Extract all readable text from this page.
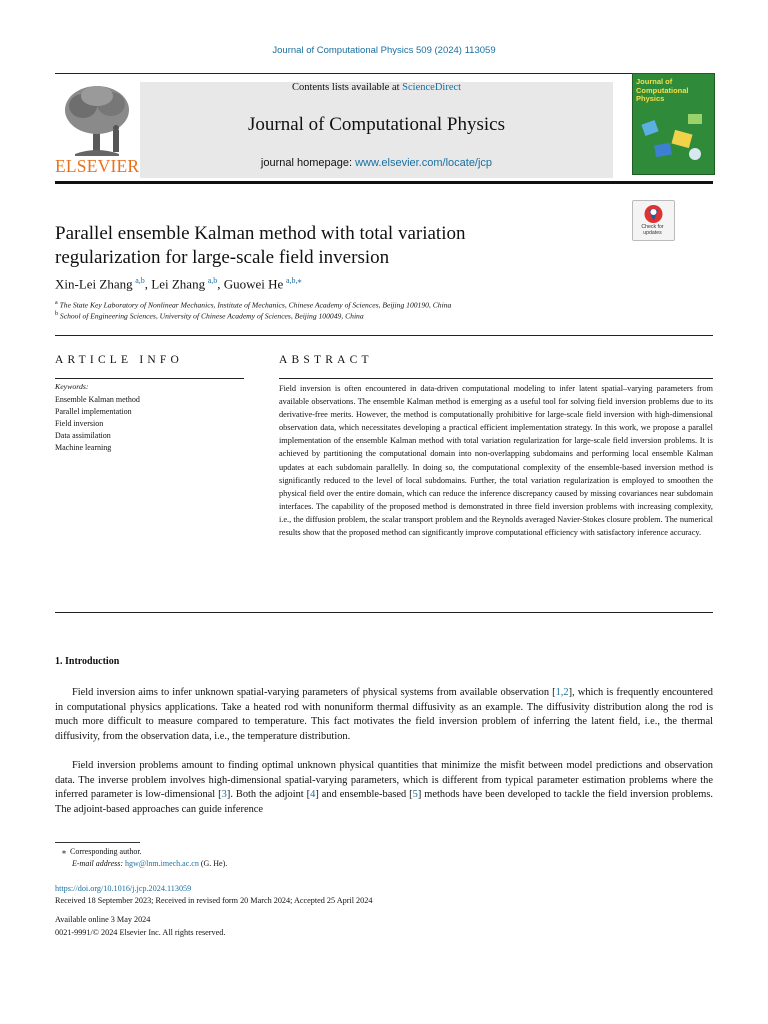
Journal of Computational Physics 509 (2024) 113059
ELSEVIER
Contents lists available at ScienceDirect
Journal of Computational Physics
journal homepage: www.elsevier.com/locate/jcp
Journal of Computational Physics
Check for updates
Parallel ensemble Kalman method with total variation
regularization for large-scale field inversion
Xin-Lei Zhang  $^{a,b}$, Lei Zhang  $^{a,b}$, Guowei He  $^{a,b,⁎}$
$^a$ The State Key Laboratory of Nonlinear Mechanics, Institute of Mechanics, Chinese Academy of Sciences, Beijing 100190, China
$^b$ School of Engineering Sciences, University of Chinese Academy of Sciences, Beijing 100049, China
ARTICLE INFO
Keywords:
Ensemble Kalman method
Parallel implementation
Field inversion
Data assimilation
Machine learning
ABSTRACT
Field inversion is often encountered in data-driven computational modeling to infer latent spatial–varying parameters from available observations. The ensemble Kalman method is emerging as a useful tool for solving field inversion problems due to its derivative-free merits. However, the method is computationally prohibitive for large-scale field inversion with high-dimensional observation data, which necessitates developing a practical efficient implementation strategy. In this work, we propose a parallel implementation of the ensemble Kalman method with total variation regularization for large-scale field inversion problems. It is achieved by partitioning the computational domain into non-overlapping subdomains and performing local ensemble Kalman updates at each subdomain parallelly. In doing so, the computational complexity of the ensemble-based inversion method is significantly reduced to the level of local subdomains. Further, the total variation regularization is employed to smoothen the physical field over the entire domain, which can reduce the inference discrepancy caused by missing covariances near subdomain interfaces. The capability of the proposed method is demonstrated in three field inversion problems with increasing complexity, i.e., the diffusion problem, the scalar transport problem and the Reynolds averaged Navier-Stokes closure problem. The numerical results show that the proposed method can significantly improve computational efficiency with satisfactory inference accuracy.
1. Introduction
Field inversion aims to infer unknown spatial-varying parameters of physical systems from available observation [1,2], which is frequently encountered in computational physics applications. Take a heated rod with nonuniform thermal diffusivity as an example. The diffusivity distribution along the rod is much more difficult to measure compared to temperature. This fact motivates the field inversion problem of inferring the latent field, i.e., the thermal diffusivity, from the observation data, i.e., the temperature distribution.
Field inversion problems amount to finding optimal unknown physical quantities that minimize the misfit between model predictions and observation data. The inverse problem involves high-dimensional spatial-varying parameters, which is different from typical parameter estimation problems where the inferred parameter is low-dimensional [3]. Both the adjoint [4] and ensemble-based [5] methods have been developed to tackle the field inversion problems. The adjoint-based approaches can guide inference
⁎ Corresponding author.
E-mail address: hgw@lnm.imech.ac.cn (G. He).
https://doi.org/10.1016/j.jcp.2024.113059
Received 18 September 2023; Received in revised form 20 March 2024; Accepted 25 April 2024
Available online 3 May 2024
0021-9991/© 2024 Elsevier Inc. All rights reserved.
